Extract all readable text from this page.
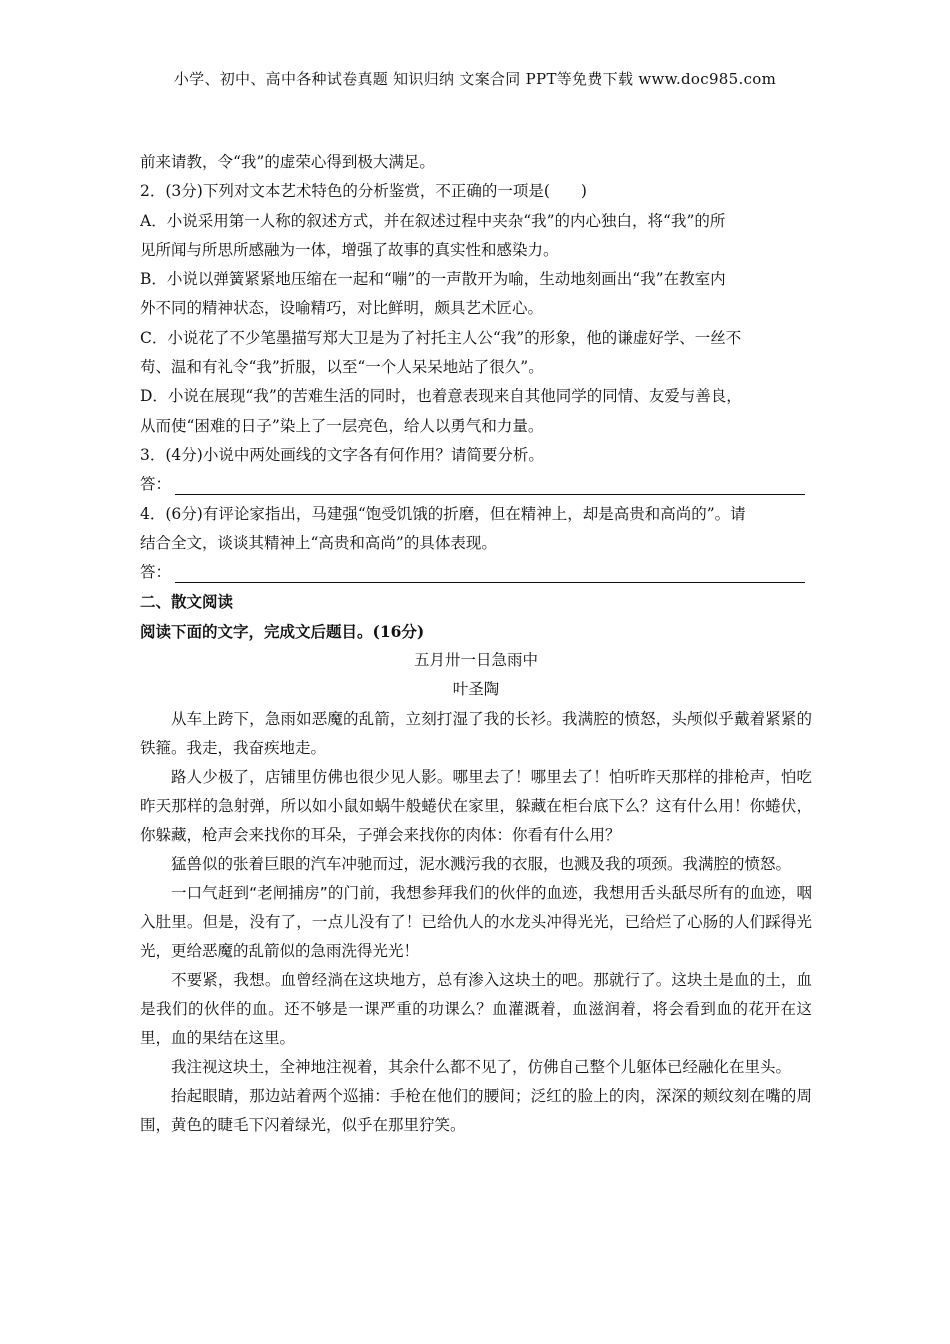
小学、初中、高中各种试卷真题 知识归纳 文案合同 PPT等免费下载 www.doc985.com
前来请教，令“我”的虚荣心得到极大满足。
2．(3分)下列对文本艺术特色的分析鉴赏，不正确的一项是(　　)
A．小说采用第一人称的叙述方式，并在叙述过程中夹杂“我”的内心独白，将“我”的所
见所闻与所思所感融为一体，增强了故事的真实性和感染力。
B．小说以弹簧紧紧地压缩在一起和“嘣”的一声散开为喻，生动地刻画出“我”在教室内
外不同的精神状态，设喻精巧，对比鲜明，颇具艺术匠心。
C．小说花了不少笔墨描写郑大卫是为了衬托主人公“我”的形象，他的谦虚好学、一丝不
苟、温和有礼令“我”折服，以至“一个人呆呆地站了很久”。
D．小说在展现“我”的苦难生活的同时，也着意表现来自其他同学的同情、友爱与善良，
从而使“困难的日子”染上了一层亮色，给人以勇气和力量。
3．(4分)小说中两处画线的文字各有何作用？请简要分析。
答：
4．(6分)有评论家指出，马建强“饱受饥饿的折磨，但在精神上，却是高贵和高尚的”。请
结合全文，谈谈其精神上“高贵和高尚”的具体表现。
答：
二、散文阅读
阅读下面的文字，完成文后题目。(16分)
五月卅一日急雨中
叶圣陶

从车上跨下，急雨如恶魔的乱箭，立刻打湿了我的长衫。我满腔的愤怒，头颅似乎戴着紧紧的铁箍。我走，我奋疾地走。

路人少极了，店铺里仿佛也很少见人影。哪里去了！哪里去了！怕听昨天那样的排枪声，怕吃昨天那样的急射弹，所以如小鼠如蜗牛般蜷伏在家里，躲藏在柜台底下么？这有什么用！你蜷伏，你躲藏，枪声会来找你的耳朵，子弹会来找你的肉体：你看有什么用？

猛兽似的张着巨眼的汽车冲驰而过，泥水溅污我的衣服，也溅及我的项颈。我满腔的愤怒。

一口气赶到“老闸捕房”的门前，我想参拜我们的伙伴的血迹，我想用舌头舐尽所有的血迹，咽入肚里。但是，没有了，一点儿没有了！已给仇人的水龙头冲得光光，已给烂了心肠的人们踩得光光，更给恶魔的乱箭似的急雨洗得光光！

不要紧，我想。血曾经淌在这块地方，总有渗入这块土的吧。那就行了。这块土是血的土，血是我们的伙伴的血。还不够是一课严重的功课么？血灌溉着，血滋润着，将会看到血的花开在这里，血的果结在这里。

我注视这块土，全神地注视着，其余什么都不见了，仿佛自己整个儿躯体已经融化在里头。

抬起眼睛，那边站着两个巡捕：手枪在他们的腰间；泛红的脸上的肉，深深的颊纹刻在嘴的周围，黄色的睫毛下闪着绿光，似乎在那里狞笑。
